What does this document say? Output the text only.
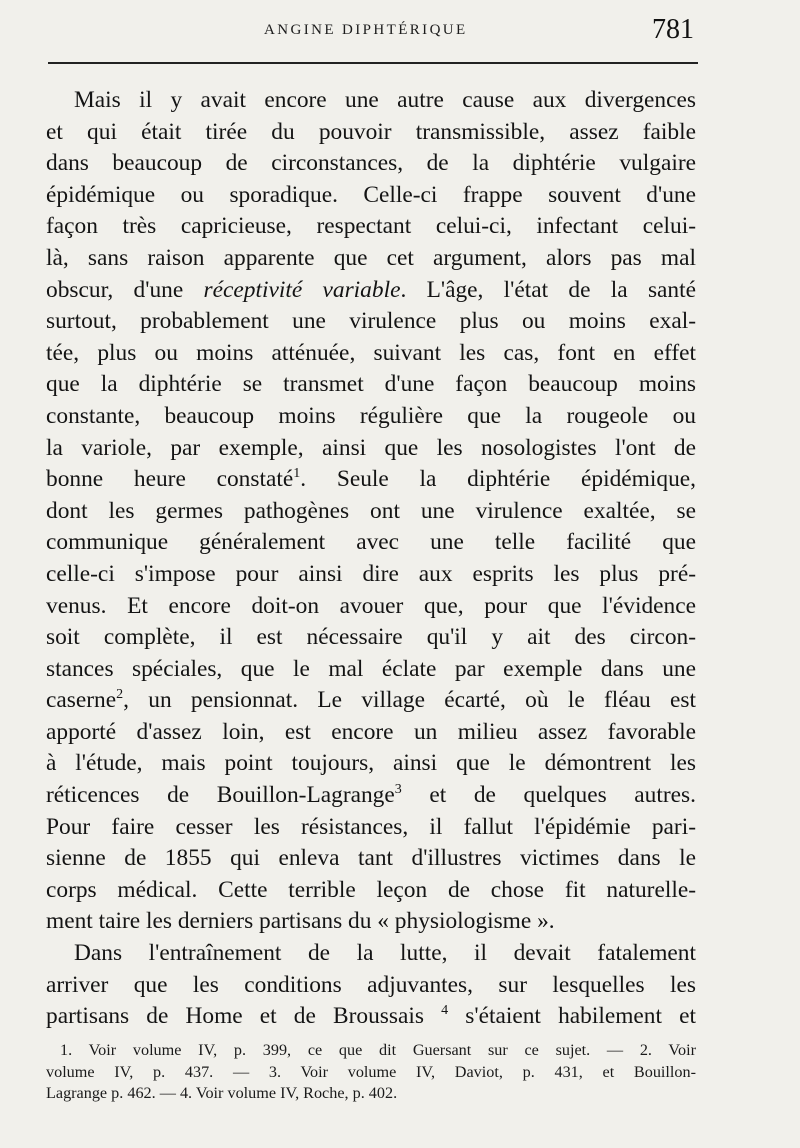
ANGINE DIPHTÉRIQUE	781
Mais il y avait encore une autre cause aux divergences
et qui était tirée du pouvoir transmissible, assez faible
dans beaucoup de circonstances, de la diphtérie vulgaire
épidémique ou sporadique. Celle-ci frappe souvent d'une
façon très capricieuse, respectant celui-ci, infectant celui-
là, sans raison apparente que cet argument, alors pas mal
obscur, d'une réceptivité variable. L'âge, l'état de la santé
surtout, probablement une virulence plus ou moins exal-
tée, plus ou moins atténuée, suivant les cas, font en effet
que la diphtérie se transmet d'une façon beaucoup moins
constante, beaucoup moins régulière que la rougeole ou
la variole, par exemple, ainsi que les nosologistes l'ont de
bonne heure constaté$^1$. Seule la diphtérie épidémique,
dont les germes pathogènes ont une virulence exaltée, se
communique généralement avec une telle facilité que
celle-ci s'impose pour ainsi dire aux esprits les plus pré-
venus. Et encore doit-on avouer que, pour que l'évidence
soit complète, il est nécessaire qu'il y ait des circon-
stances spéciales, que le mal éclate par exemple dans une
caserne$^2$, un pensionnat. Le village écarté, où le fléau est
apporté d'assez loin, est encore un milieu assez favorable
à l'étude, mais point toujours, ainsi que le démontrent les
réticences de Bouillon-Lagrange$^3$ et de quelques autres.
Pour faire cesser les résistances, il fallut l'épidémie pari-
sienne de 1855 qui enleva tant d'illustres victimes dans le
corps médical. Cette terrible leçon de chose fit naturelle-
ment taire les derniers partisans du « physiologisme ».
Dans l'entraînement de la lutte, il devait fatalement
arriver que les conditions adjuvantes, sur lesquelles les
partisans de Home et de Broussais $^4$ s'étaient habilement et
1. Voir volume IV, p. 399, ce que dit Guersant sur ce sujet. — 2. Voir
volume IV, p. 437. — 3. Voir volume IV, Daviot, p. 431, et Bouillon-
Lagrange p. 462. — 4. Voir volume IV, Roche, p. 402.
